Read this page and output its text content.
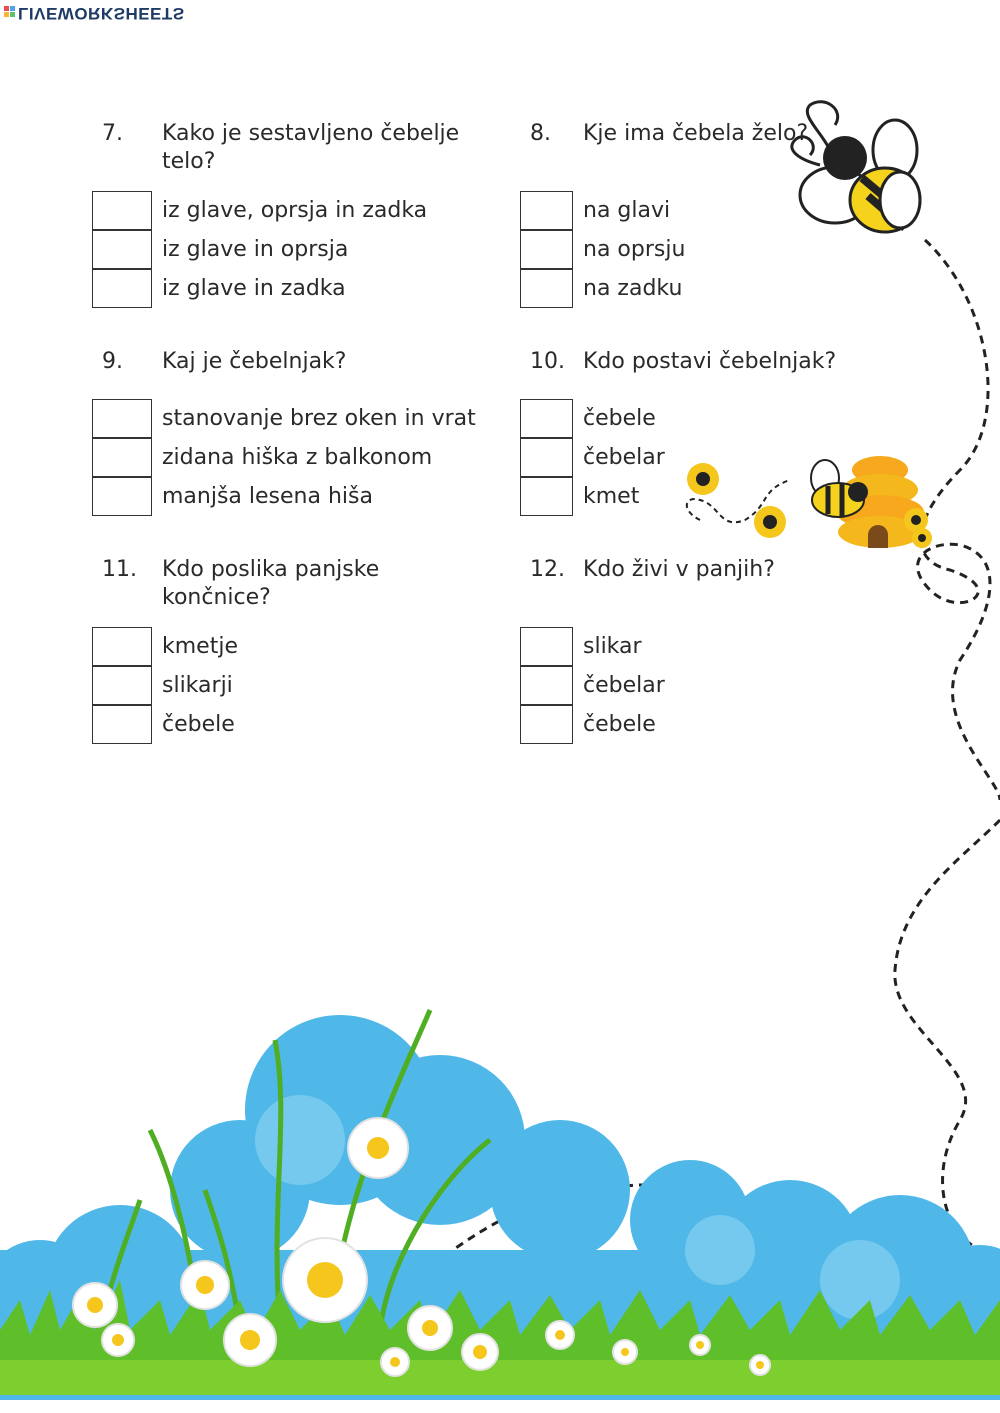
LIVEWORKSHEETS
7. Kako je sestavljeno čebelje telo?
iz glave, oprsja in zadka
iz glave in oprsja
iz glave in zadka
8. Kje ima čebela želo?
na glavi
na oprsju
na zadku
9. Kaj je čebelnjak?
stanovanje brez oken in vrat
zidana hiška z balkonom
manjša lesena hiša
10. Kdo postavi čebelnjak?
čebele
čebelar
kmet
11. Kdo poslika panjske končnice?
kmetje
slikarji
čebele
12. Kdo živi v panjih?
slikar
čebelar
čebele
